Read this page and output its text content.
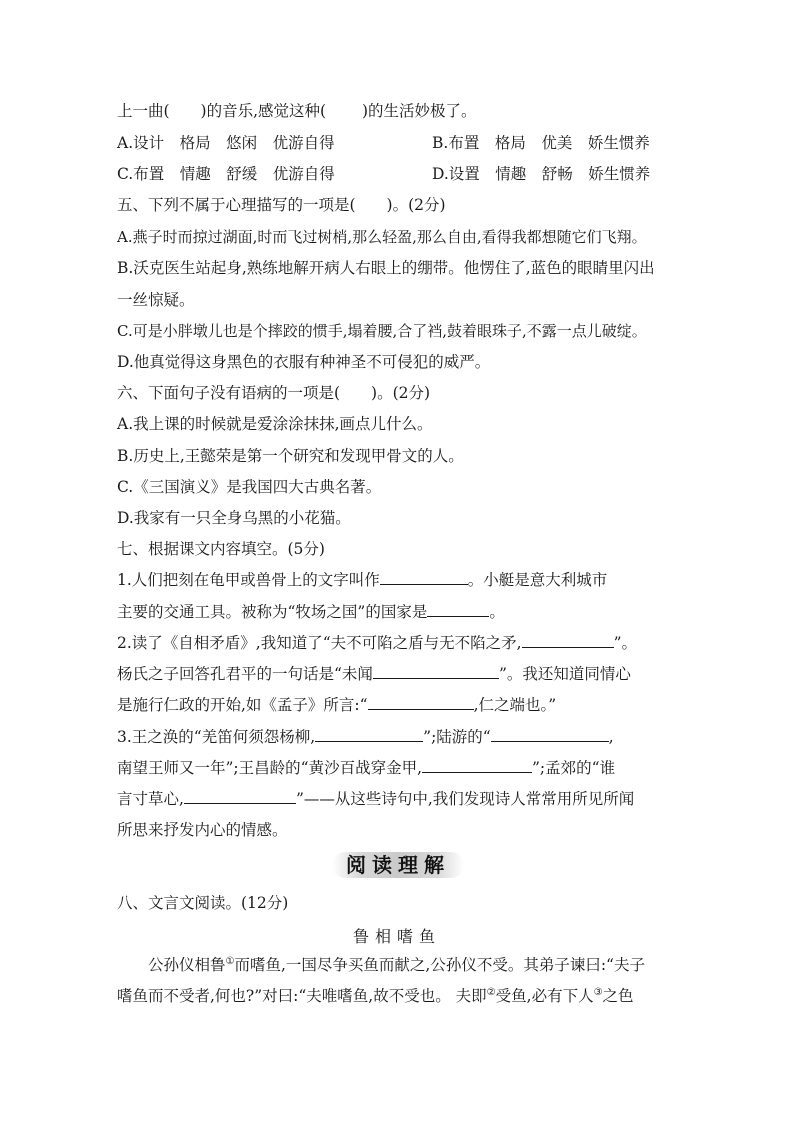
上一曲(　　)的音乐,感觉这种(　　 )的生活妙极了。
A.设计　格局　悠闲　优游自得	B.布置　格局　优美　娇生惯养
C.布置　情趣　舒缓　优游自得	D.设置　情趣　舒畅　娇生惯养
五、下列不属于心理描写的一项是(　　)。(2分)
A.燕子时而掠过湖面,时而飞过树梢,那么轻盈,那么自由,看得我都想随它们飞翔。
B.沃克医生站起身,熟练地解开病人右眼上的绷带。他愣住了,蓝色的眼睛里闪出
一丝惊疑。
C.可是小胖墩儿也是个摔跤的惯手,塌着腰,合了裆,鼓着眼珠子,不露一点儿破绽。
D.他真觉得这身黑色的衣服有种神圣不可侵犯的威严。
六、下面句子没有语病的一项是(　　)。(2分)
A.我上课的时候就是爱涂涂抹抹,画点儿什么。
B.历史上,王懿荣是第一个研究和发现甲骨文的人。
C.《三国演义》是我国四大古典名著。
D.我家有一只全身乌黑的小花猫。
七、根据课文内容填空。(5分)
1.人们把刻在龟甲或兽骨上的文字叫作	。小艇是意大利城市
主要的交通工具。被称为“牧场之国”的国家是	。
2.读了《自相矛盾》,我知道了“夫不可陷之盾与无不陷之矛,	”。
杨氏之子回答孔君平的一句话是“未闻	”。我还知道同情心
是施行仁政的开始,如《孟子》所言:“	,仁之端也。”
3.王之涣的“羌笛何须怨杨柳,	”;陆游的“	,
南望王师又一年”;王昌龄的“黄沙百战穿金甲,	”;孟郊的“谁
言寸草心,	”——从这些诗句中,我们发现诗人常常用所见所闻
所思来抒发内心的情感。
阅读理解
八、文言文阅读。(12分)
鲁相嗜鱼
公孙仪相鲁①而嗜鱼,一国尽争买鱼而献之,公孙仪不受。其弟子谏曰:“夫子
嗜鱼而不受者,何也?”对曰:“夫唯嗜鱼,故不受也。 夫即②受鱼,必有下人③之色
